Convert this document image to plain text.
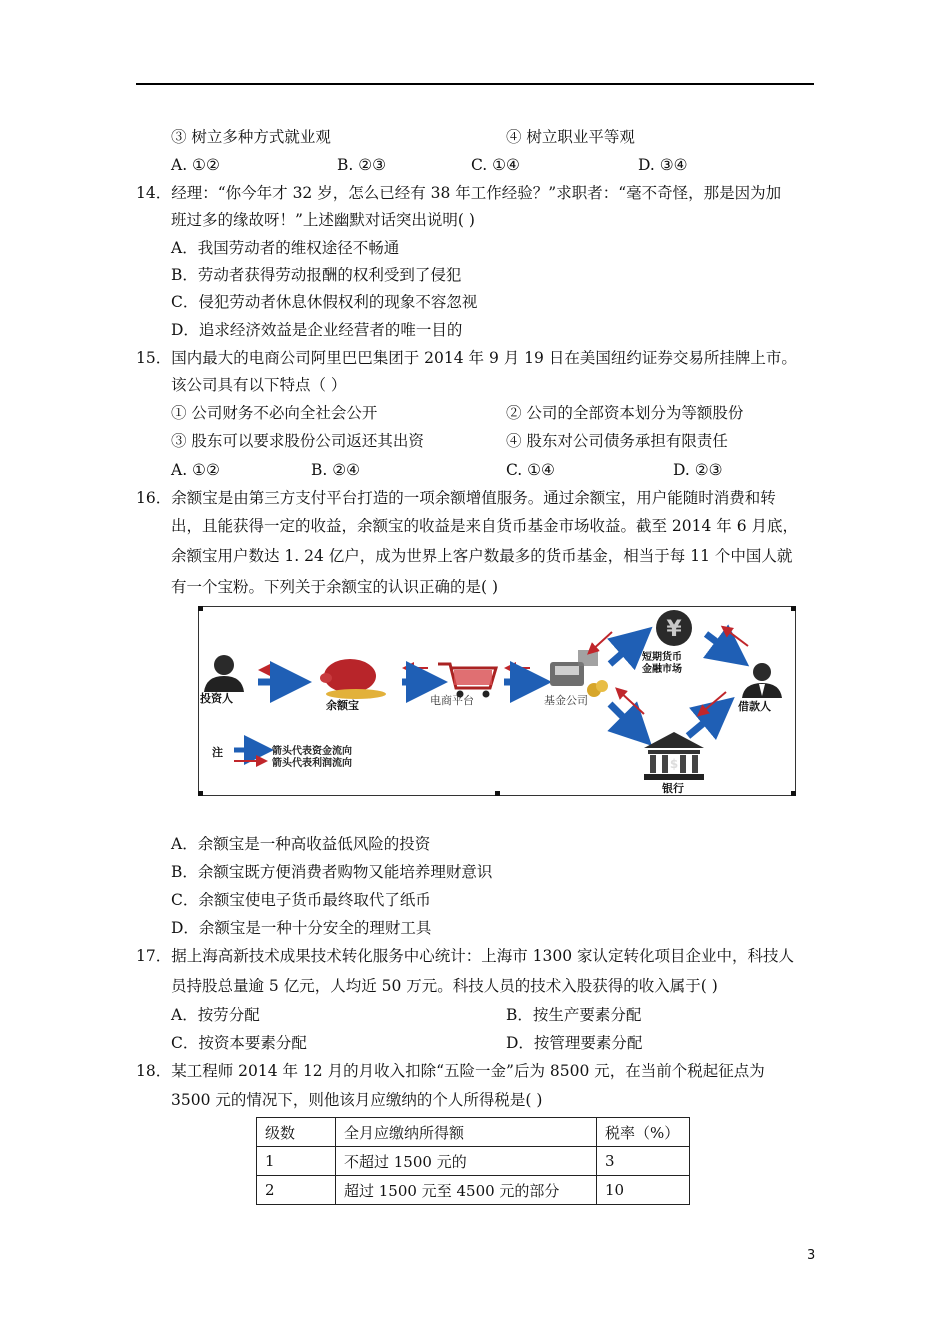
③ 树立多种方式就业观	④ 树立职业平等观
A. ①②	B. ②③	C. ①④	D. ③④
14．经理：“你今年才 32 岁，怎么已经有 38 年工作经验？”求职者：“毫不奇怪，那是因为加
班过多的缘故呀！”上述幽默对话突出说明( )
A．我国劳动者的维权途径不畅通
B．劳动者获得劳动报酬的权利受到了侵犯
C．侵犯劳动者休息休假权利的现象不容忽视
D．追求经济效益是企业经营者的唯一目的
15．国内最大的电商公司阿里巴巴集团于 2014 年 9 月 19 日在美国纽约证券交易所挂牌上市。
该公司具有以下特点（ ）
① 公司财务不必向全社会公开	② 公司的全部资本划分为等额股份
③ 股东可以要求股份公司返还其出资	④ 股东对公司债务承担有限责任
A. ①②	B. ②④	C. ①④	D. ②③
16．余额宝是由第三方支付平台打造的一项余额增值服务。通过余额宝，用户能随时消费和转
出，且能获得一定的收益，余额宝的收益是来自货币基金市场收益。截至 2014 年 6 月底，
余额宝用户数达 1. 24 亿户，成为世界上客户数最多的货币基金，相当于每 11 个中国人就
有一个宝粉。下列关于余额宝的认识正确的是( )
投资人
余额宝	电商平台	基金公司
¥
短期货币
金融市场
借款人
$
银行
注	箭头代表资金流向
箭头代表利润流向
A．余额宝是一种高收益低风险的投资
B．余额宝既方便消费者购物又能培养理财意识
C．余额宝使电子货币最终取代了纸币
D．余额宝是一种十分安全的理财工具
17．据上海高新技术成果技术转化服务中心统计：上海市 1300 家认定转化项目企业中，科技人
员持股总量逾 5 亿元，人均近 50 万元。科技人员的技术入股获得的收入属于( )
A．按劳分配	B．按生产要素分配
C．按资本要素分配	D．按管理要素分配
18．某工程师 2014 年 12 月的月收入扣除“五险一金”后为 8500 元，在当前个税起征点为
3500 元的情况下，则他该月应缴纳的个人所得税是( )
级数	全月应缴纳所得额	税率（%）
1	不超过 1500 元的	3
2	超过 1500 元至 4500 元的部分	10
3
